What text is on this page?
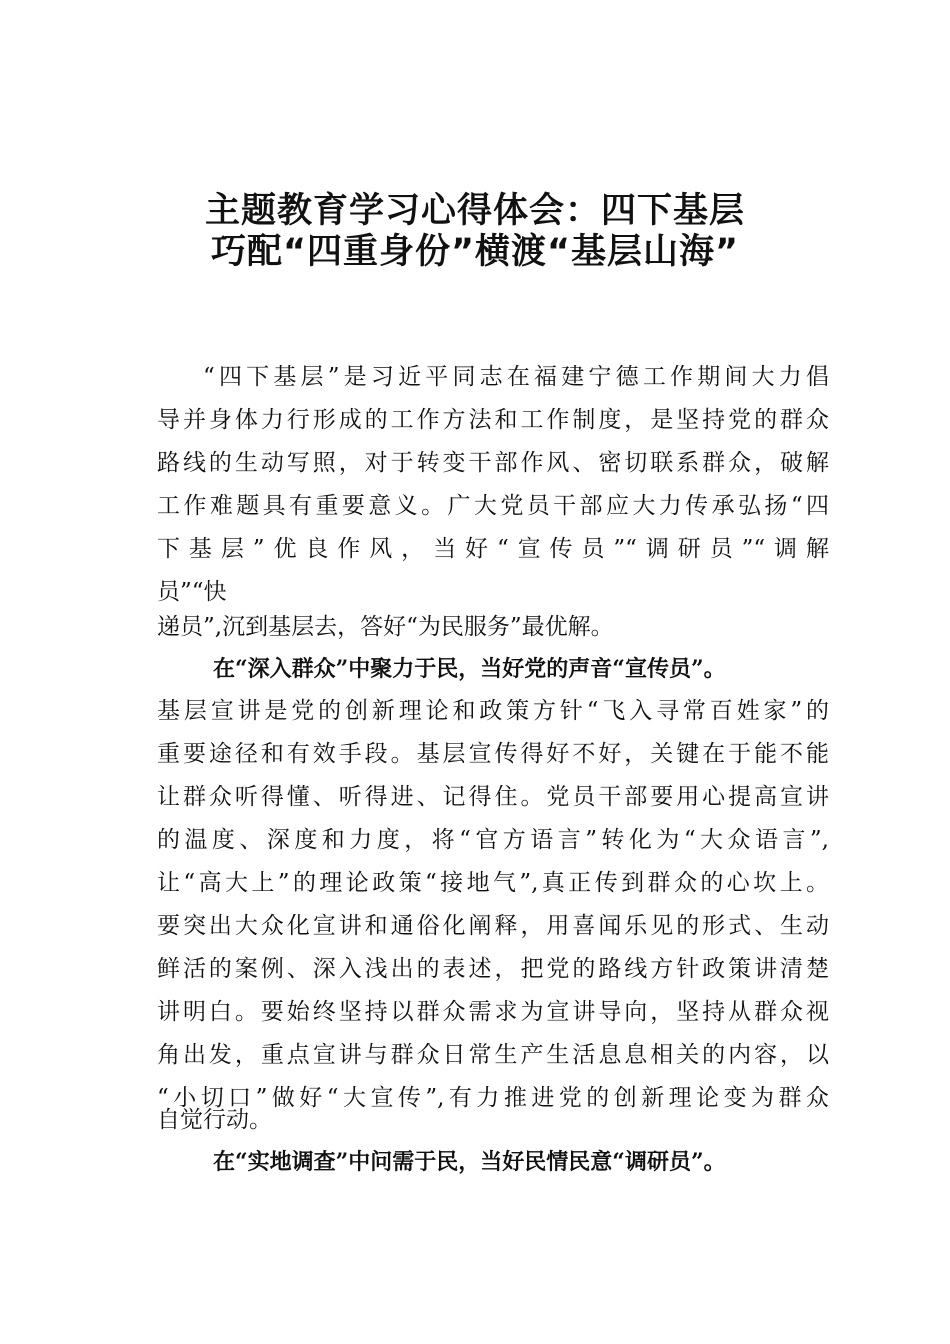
主题教育学习心得体会：四下基层
巧配“四重身份”横渡“基层山海”
“四下基层”是习近平同志在福建宁德工作期间大力倡
导并身体力行形成的工作方法和工作制度，是坚持党的群众
路线的生动写照，对于转变干部作风、密切联系群众，破解
工作难题具有重要意义。广大党员干部应大力传承弘扬“四
下基层”优良作风，当好“宣传员”“调研员”“调解
员”“快
递员”,沉到基层去，答好“为民服务”最优解。
在“深入群众”中聚力于民，当好党的声音“宣传员”。
基层宣讲是党的创新理论和政策方针“飞入寻常百姓家”的
重要途径和有效手段。基层宣传得好不好，关键在于能不能
让群众听得懂、听得进、记得住。党员干部要用心提高宣讲
的温度、深度和力度，将“官方语言”转化为“大众语言”,
让“高大上”的理论政策“接地气”,真正传到群众的心坎上。
要突出大众化宣讲和通俗化阐释，用喜闻乐见的形式、生动
鲜活的案例、深入浅出的表述，把党的路线方针政策讲清楚
讲明白。要始终坚持以群众需求为宣讲导向，坚持从群众视
角出发，重点宣讲与群众日常生产生活息息相关的内容，以
“小切口”做好“大宣传”,有力推进党的创新理论变为群众
自觉行动。
在“实地调查”中问需于民，当好民情民意“调研员”。
